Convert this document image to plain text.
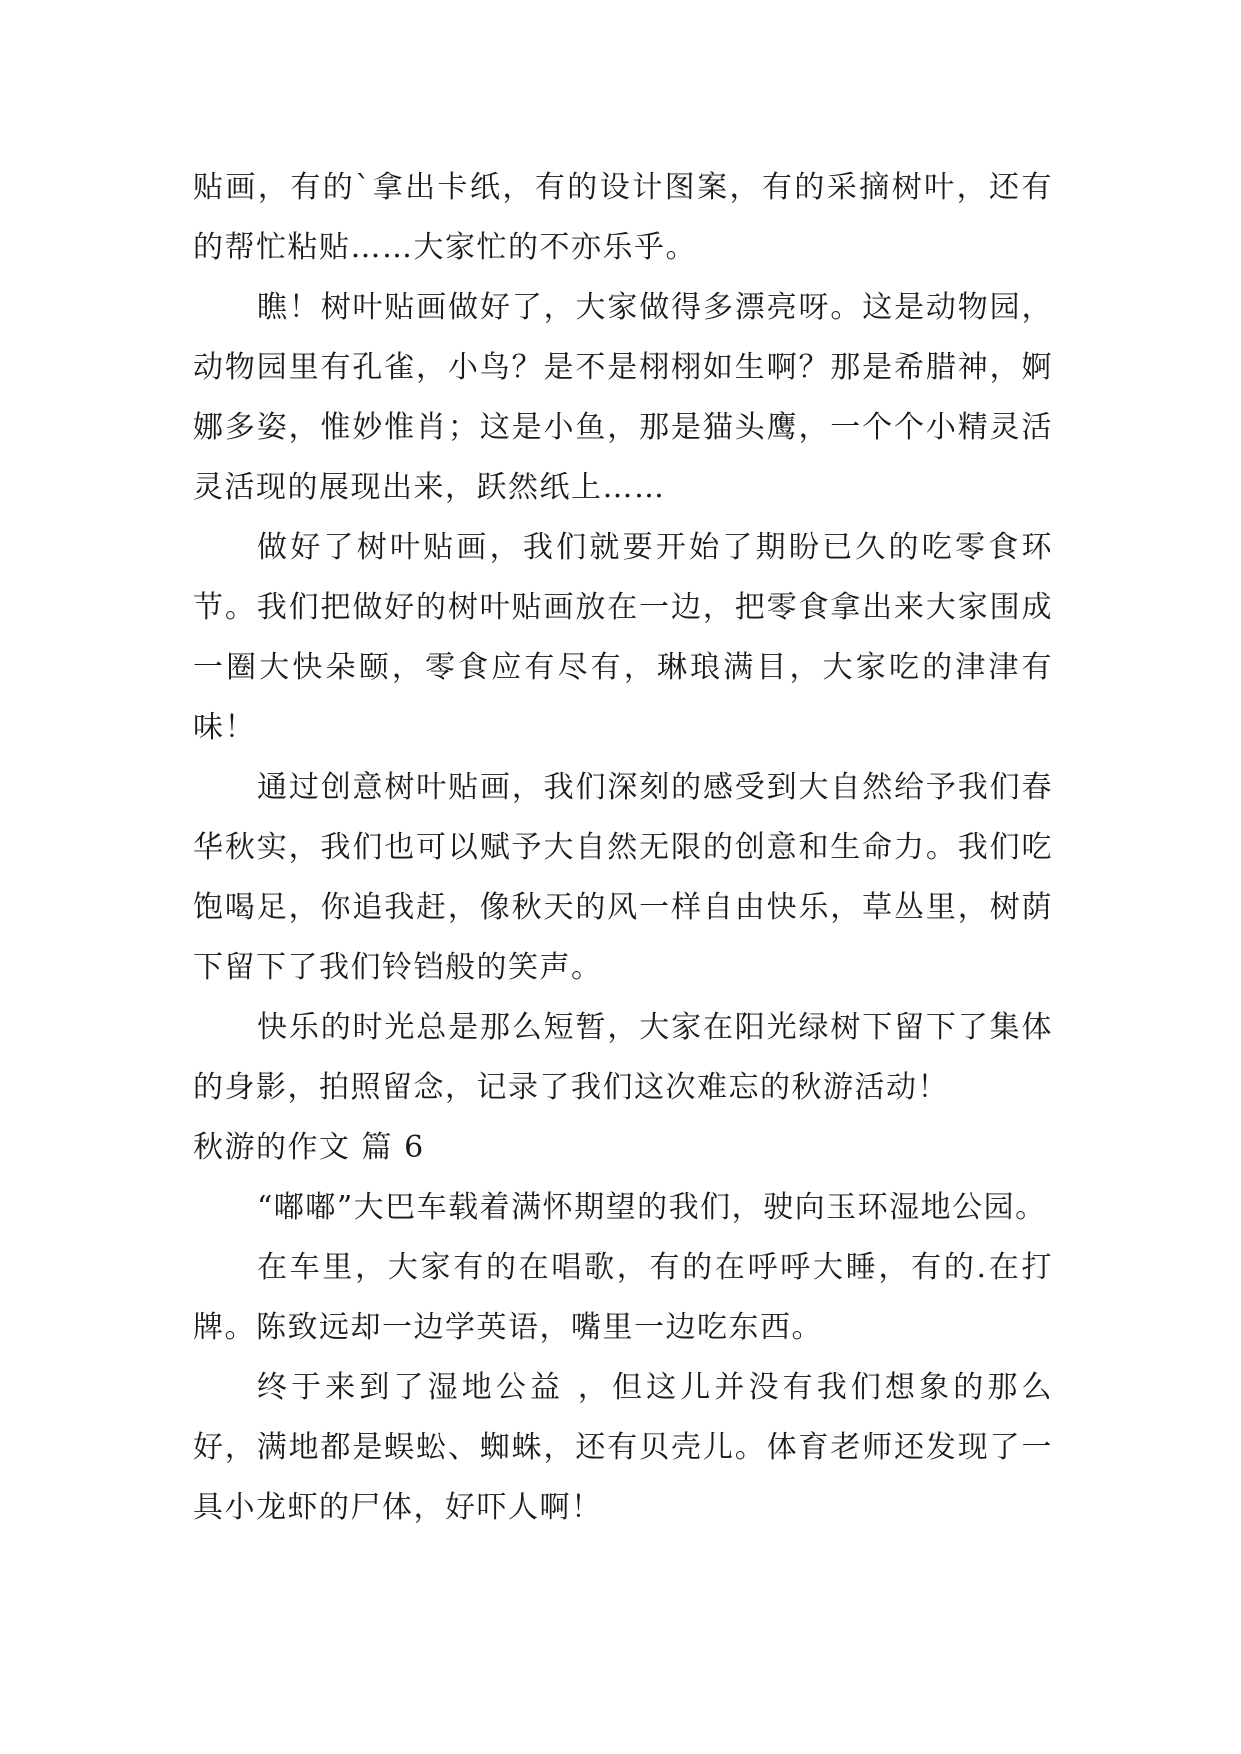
贴画，有的`拿出卡纸，有的设计图案，有的采摘树叶，还有的帮忙粘贴……大家忙的不亦乐乎。

瞧！树叶贴画做好了，大家做得多漂亮呀。这是动物园，动物园里有孔雀，小鸟？是不是栩栩如生啊？那是希腊神，婀娜多姿，惟妙惟肖；这是小鱼，那是猫头鹰，一个个小精灵活灵活现的展现出来，跃然纸上……

做好了树叶贴画，我们就要开始了期盼已久的吃零食环节。我们把做好的树叶贴画放在一边，把零食拿出来大家围成一圈大快朵颐，零食应有尽有，琳琅满目，大家吃的津津有味！

通过创意树叶贴画，我们深刻的感受到大自然给予我们春华秋实，我们也可以赋予大自然无限的创意和生命力。我们吃饱喝足，你追我赶，像秋天的风一样自由快乐，草丛里，树荫下留下了我们铃铛般的笑声。

快乐的时光总是那么短暂，大家在阳光绿树下留下了集体的身影，拍照留念，记录了我们这次难忘的秋游活动！

秋游的作文 篇 6

“嘟嘟”大巴车载着满怀期望的我们，驶向玉环湿地公园。

在车里，大家有的在唱歌，有的在呼呼大睡，有的.在打牌。陈致远却一边学英语，嘴里一边吃东西。

终于来到了湿地公益 ，但这儿并没有我们想象的那么好，满地都是蜈蚣、蜘蛛，还有贝壳儿。体育老师还发现了一具小龙虾的尸体，好吓人啊！
